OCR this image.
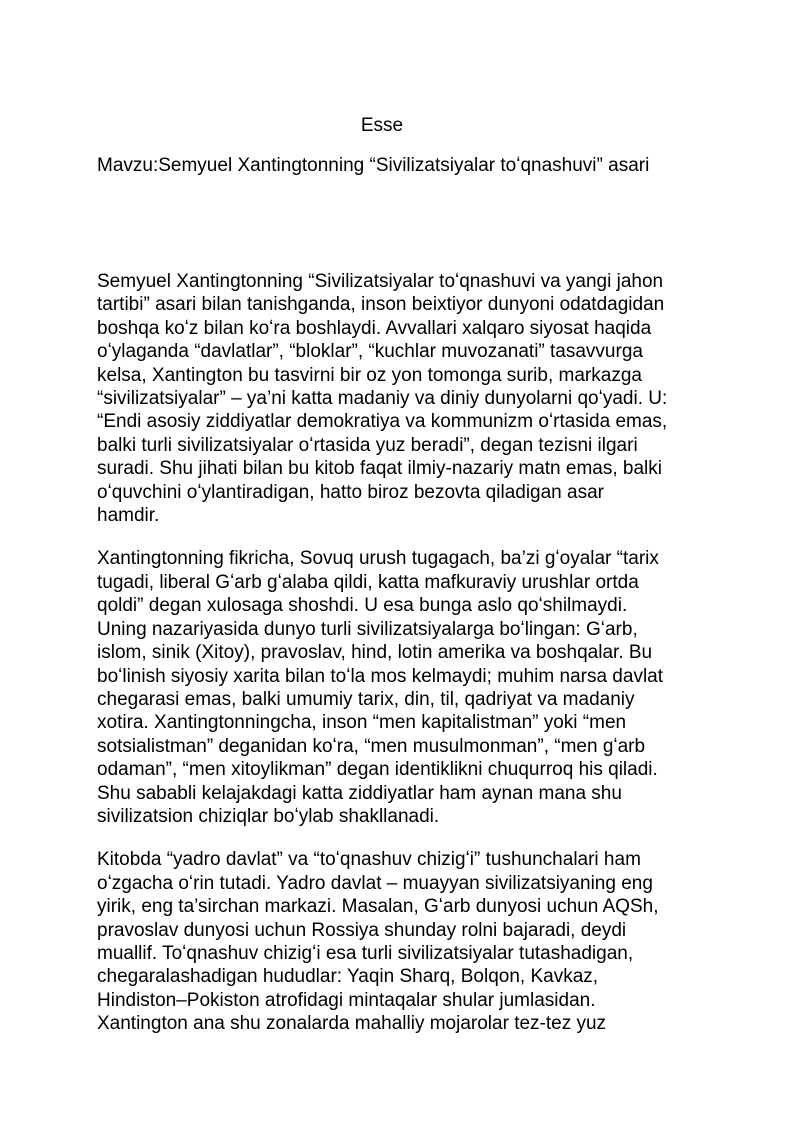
Esse
Mavzu:Semyuel Xantingtonning “Sivilizatsiyalar toʻqnashuvi” asari

Semyuel Xantingtonning “Sivilizatsiyalar toʻqnashuvi va yangi jahon
tartibi” asari bilan tanishganda, inson beixtiyor dunyoni odatdagidan
boshqa koʻz bilan koʻra boshlaydi. Avvallari xalqaro siyosat haqida
oʻylaganda “davlatlar”, “bloklar”, “kuchlar muvozanati” tasavvurga
kelsa, Xantington bu tasvirni bir oz yon tomonga surib, markazga
“sivilizatsiyalar” – ya’ni katta madaniy va diniy dunyolarni qoʻyadi. U:
“Endi asosiy ziddiyatlar demokratiya va kommunizm oʻrtasida emas,
balki turli sivilizatsiyalar oʻrtasida yuz beradi”, degan tezisni ilgari
suradi. Shu jihati bilan bu kitob faqat ilmiy-nazariy matn emas, balki
oʻquvchini oʻylantiradigan, hatto biroz bezovta qiladigan asar
hamdir.

Xantingtonning fikricha, Sovuq urush tugagach, ba’zi gʻoyalar “tarix
tugadi, liberal Gʻarb gʻalaba qildi, katta mafkuraviy urushlar ortda
qoldi” degan xulosaga shoshdi. U esa bunga aslo qoʻshilmaydi.
Uning nazariyasida dunyo turli sivilizatsiyalarga boʻlingan: Gʻarb,
islom, sinik (Xitoy), pravoslav, hind, lotin amerika va boshqalar. Bu
boʻlinish siyosiy xarita bilan toʻla mos kelmaydi; muhim narsa davlat
chegarasi emas, balki umumiy tarix, din, til, qadriyat va madaniy
xotira. Xantingtonningcha, inson “men kapitalistman” yoki “men
sotsialistman” deganidan koʻra, “men musulmonman”, “men gʻarb
odaman”, “men xitoylikman” degan identiklikni chuqurroq his qiladi.
Shu sababli kelajakdagi katta ziddiyatlar ham aynan mana shu
sivilizatsion chiziqlar boʻylab shakllanadi.

Kitobda “yadro davlat” va “toʻqnashuv chizigʻi” tushunchalari ham
oʻzgacha oʻrin tutadi. Yadro davlat – muayyan sivilizatsiyaning eng
yirik, eng ta’sirchan markazi. Masalan, Gʻarb dunyosi uchun AQSh,
pravoslav dunyosi uchun Rossiya shunday rolni bajaradi, deydi
muallif. Toʻqnashuv chizigʻi esa turli sivilizatsiyalar tutashadigan,
chegaralashadigan hududlar: Yaqin Sharq, Bolqon, Kavkaz,
Hindiston–Pokiston atrofidagi mintaqalar shular jumlasidan.
Xantington ana shu zonalarda mahalliy mojarolar tez-tez yuz
